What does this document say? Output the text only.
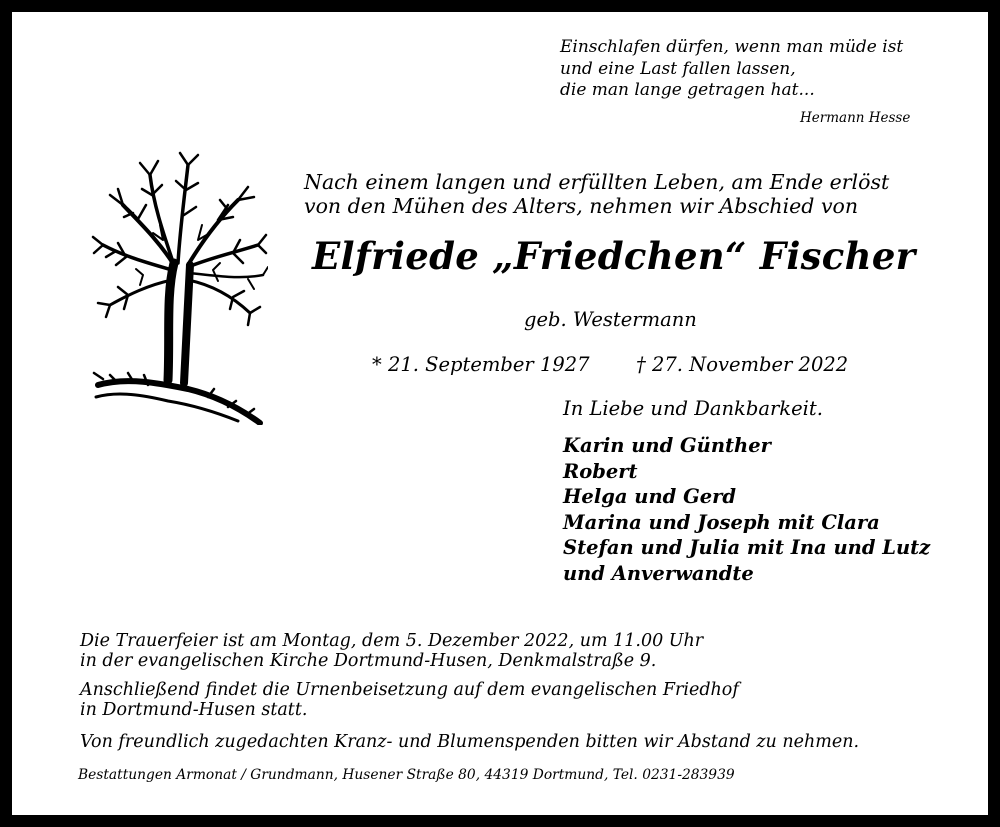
Einschlafen dürfen, wenn man müde ist
und eine Last fallen lassen,
die man lange getragen hat...
Hermann Hesse
Nach einem langen und erfüllten Leben, am Ende erlöst
von den Mühen des Alters, nehmen wir Abschied von
Elfriede „Friedchen“ Fischer
geb. Westermann
* 21. September 1927 † 27. November 2022
In Liebe und Dankbarkeit.
Karin und Günther
Robert
Helga und Gerd
Marina und Joseph mit Clara
Stefan und Julia mit Ina und Lutz
und Anverwandte
Die Trauerfeier ist am Montag, dem 5. Dezember 2022, um 11.00 Uhr
in der evangelischen Kirche Dortmund-Husen, Denkmalstraße 9.
Anschließend findet die Urnenbeisetzung auf dem evangelischen Friedhof
in Dortmund-Husen statt.
Von freundlich zugedachten Kranz- und Blumenspenden bitten wir Abstand zu nehmen.
Bestattungen Armonat / Grundmann, Husener Straße 80, 44319 Dortmund, Tel. 0231-283939
